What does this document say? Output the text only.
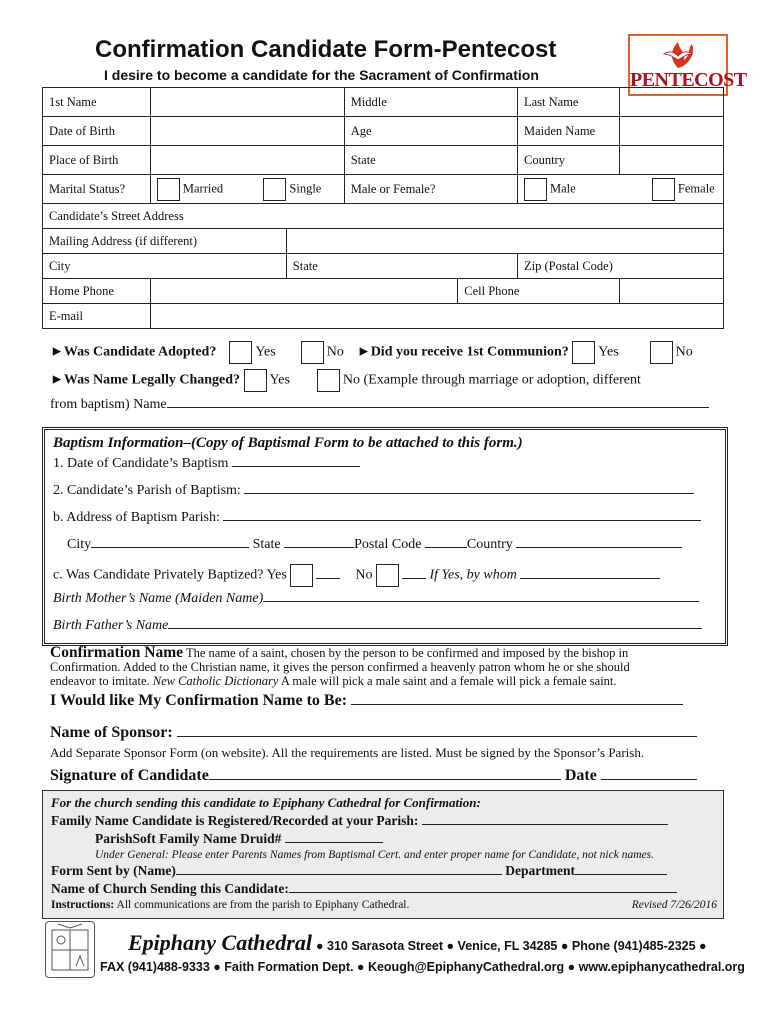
Confirmation Candidate Form-Pentecost
I desire to become a candidate for the Sacrament of Confirmation	PENTECOST
1st Name			Middle		Last Name	
Date of Birth			Age		Maiden Name	
Place of Birth			State		Country	
Marital Status?	Married Single		Male or Female?		Male Female	
Candidate’s Street Address						
Mailing Address (if different)						
City		State			Zip (Postal Code)	
Home Phone				Cell Phone		
E-mail						
►Was Candidate Adopted?	Yes	No ►Did you receive 1st Communion? Yes	No
►Was Name Legally Changed? Yes	No (Example through marriage or adoption, different
from baptism) Name
Baptism Information–(Copy of Baptismal Form to be attached to this form.)
1. Date of Candidate’s Baptism
2. Candidate’s Parish of Baptism:
b. Address of Baptism Parish:
City	State	Postal Code	Country
c. Was Candidate Privately Baptized? Yes	No	If Yes, by whom
Birth Mother’s Name (Maiden Name)
Birth Father’s Name
Confirmation Name The name of a saint, chosen by the person to be confirmed and imposed by the bishop in
Confirmation. Added to the Christian name, it gives the person confirmed a heavenly patron whom he or she should
endeavor to imitate. New Catholic Dictionary A male will pick a male saint and a female will pick a female saint.
I Would like My Confirmation Name to Be:
Name of Sponsor:
Add Separate Sponsor Form (on website). All the requirements are listed. Must be signed by the Sponsor’s Parish.
Signature of Candidate	Date
For the church sending this candidate to Epiphany Cathedral for Confirmation:
Family Name Candidate is Registered/Recorded at your Parish:
ParishSoft Family Name Druid#
Under General: Please enter Parents Names from Baptismal Cert. and enter proper name for Candidate, not nick names.
Form Sent by (Name)	Department
Name of Church Sending this Candidate:
Instructions: All communications are from the parish to Epiphany Cathedral.	Revised 7/26/2016
Epiphany Cathedral ● 310 Sarasota Street ● Venice, FL 34285 ● Phone (941)485-2325 ●
FAX (941)488-9333 ● Faith Formation Dept. ● Keough@EpiphanyCathedral.org ● www.epiphanycathedral.org
